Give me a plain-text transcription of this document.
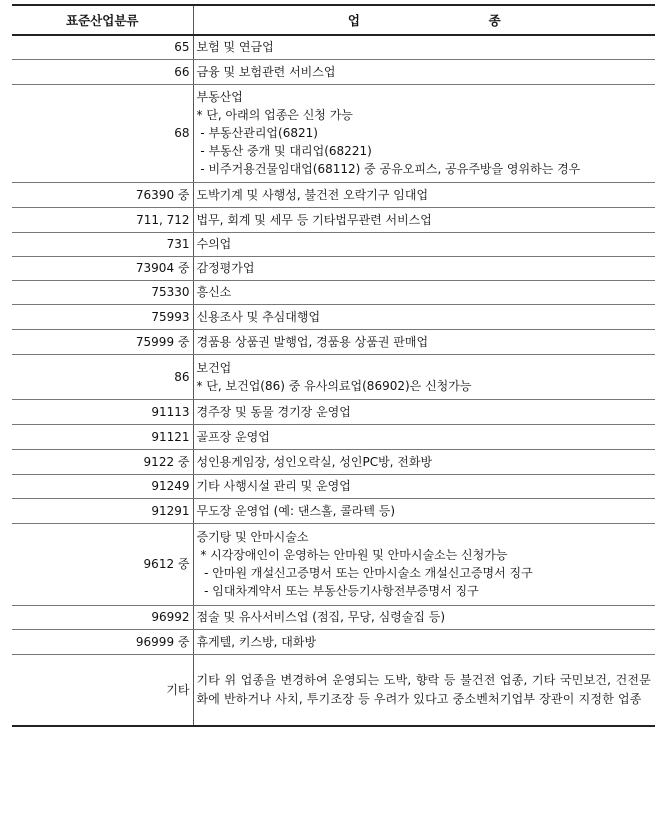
표준산업분류	업 종
65	보험 및 연금업

66	금융 및 보험관련 서비스업

68	부동산업
* 단, 아래의 업종은 신청 가능
- 부동산관리업(6821)
- 부동산 중개 및 대리업(68221)
- 비주거용건물임대업(68112) 중 공유오피스, 공유주방을 영위하는 경우

76390 중	도박기계 및 사행성, 불건전 오락기구 임대업

711, 712	법무, 회계 및 세무 등 기타법무관련 서비스업

731	수의업

73904 중	감정평가업

75330	흥신소

75993	신용조사 및 추심대행업

75999 중	경품용 상품권 발행업, 경품용 상품권 판매업

86	보건업
* 단, 보건업(86) 중 유사의료업(86902)은 신청가능

91113	경주장 및 동물 경기장 운영업

91121	골프장 운영업

9122 중	성인용게임장, 성인오락실, 성인PC방, 전화방

91249	기타 사행시설 관리 및 운영업

91291	무도장 운영업 (예: 댄스홀, 콜라텍 등)

9612 중	증기탕 및 안마시술소
* 시각장애인이 운영하는 안마원 및 안마시술소는 신청가능
- 안마원 개설신고증명서 또는 안마시술소 개설신고증명서 징구
- 임대차계약서 또는 부동산등기사항전부증명서 징구

96992	점술 및 유사서비스업 (점집, 무당, 심령술집 등)

96999 중	휴게텔, 키스방, 대화방

기타	기타 위 업종을 변경하여 운영되는 도박, 향락 등 불건전 업종, 기타 국민보건, 건전문화에 반하거나 사치, 투기조장 등 우려가 있다고 중소벤처기업부 장관이 지정한 업종
